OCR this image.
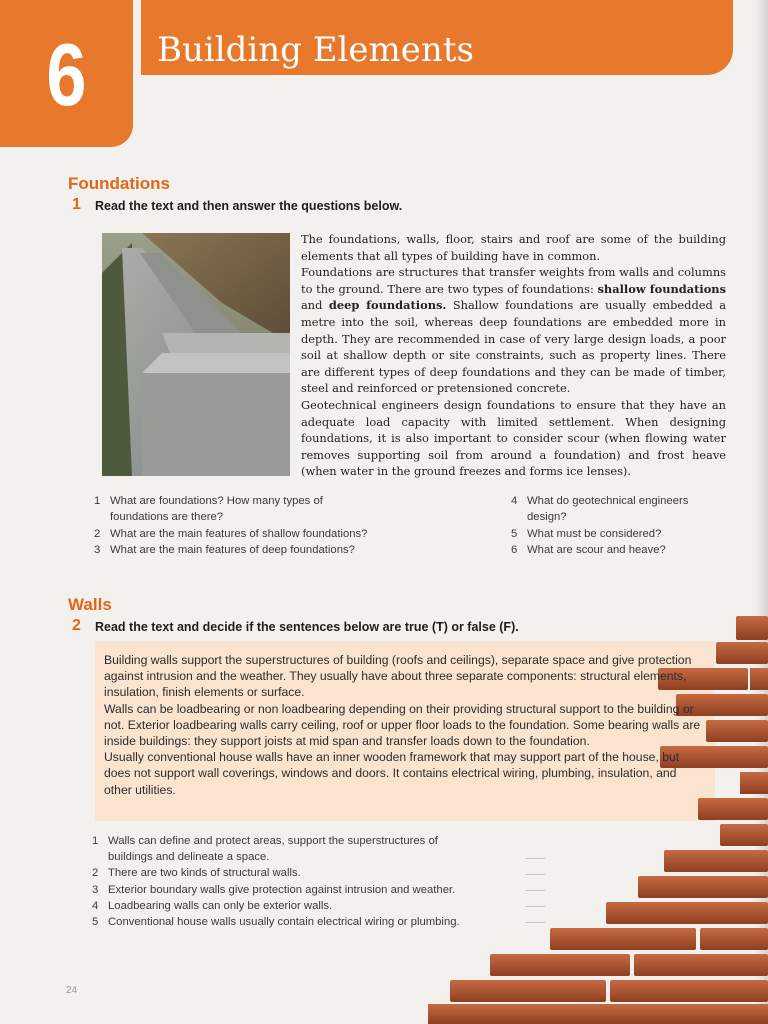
6	Building Elements
Foundations
1 Read the text and then answer the questions below.

The foundations, walls, floor, stairs and roof are some of the building elements that all types of building have in common.

Foundations are structures that transfer weights from walls and columns to the ground. There are two types of foundations: shallow foundations and deep foundations. Shallow foundations are usually embedded a metre into the soil, whereas deep foundations are embedded more in depth. They are recommended in case of very large design loads, a poor soil at shallow depth or site constraints, such as property lines. There are different types of deep foundations and they can be made of timber, steel and reinforced or pretensioned concrete.

Geotechnical engineers design foundations to ensure that they have an adequate load capacity with limited settlement. When designing foundations, it is also important to consider scour (when flowing water removes supporting soil from around a foundation) and frost heave (when water in the ground freezes and forms ice lenses).

1 What are foundations? How many types of foundations are there?
2 What are the main features of shallow foundations?
3 What are the main features of deep foundations?
4 What do geotechnical engineers design?
5 What must be considered?
6 What are scour and heave?
Walls
2 Read the text and decide if the sentences below are true (T) or false (F).

Building walls support the superstructures of building (roofs and ceilings), separate space and give protection against intrusion and the weather. They usually have about three separate components: structural elements, insulation, finish elements or surface.

Walls can be loadbearing or non loadbearing depending on their providing structural support to the building or not. Exterior loadbearing walls carry ceiling, roof or upper floor loads to the foundation. Some bearing walls are inside buildings: they support joists at mid span and transfer loads down to the foundation.

Usually conventional house walls have an inner wooden framework that may support part of the house, but does not support wall coverings, windows and doors. It contains electrical wiring, plumbing, insulation, and other utilities.

1 Walls can define and protect areas, support the superstructures of buildings and delineate a space.
2 There are two kinds of structural walls.
3 Exterior boundary walls give protection against intrusion and weather.
4 Loadbearing walls can only be exterior walls.
5 Conventional house walls usually contain electrical wiring or plumbing.
24
